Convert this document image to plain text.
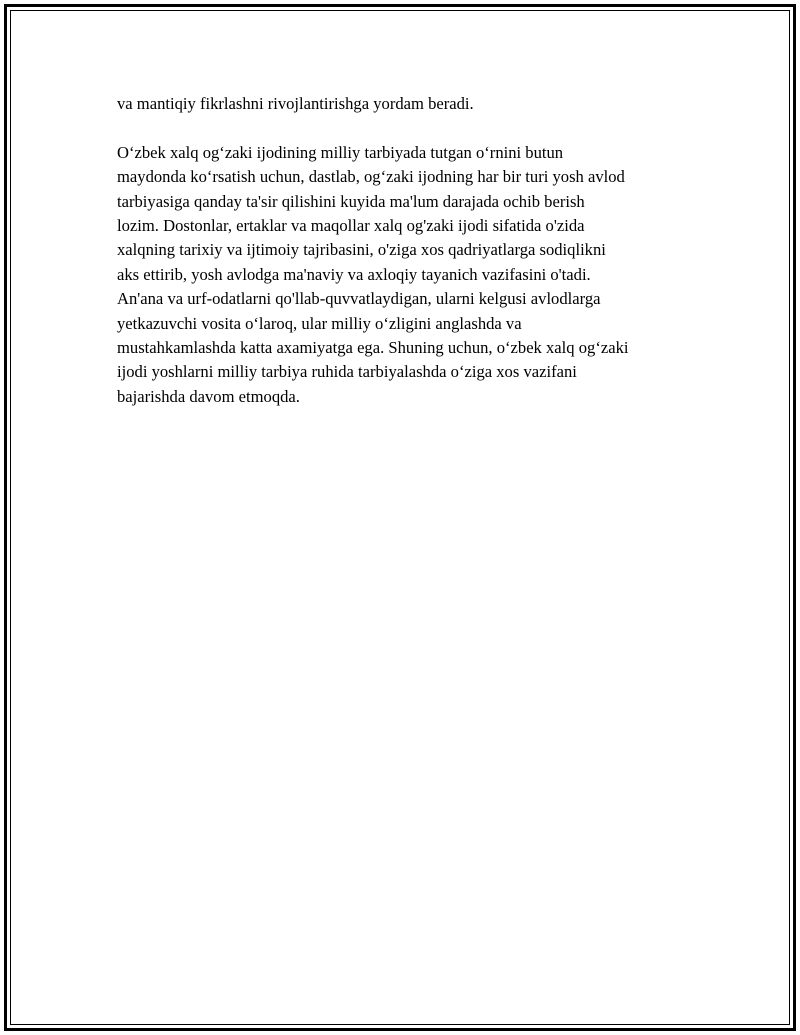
va mantiqiy fikrlashni rivojlantirishga yordam beradi.

O‘zbek xalq og‘zaki ijodining milliy tarbiyada tutgan o‘rnini butun
maydonda ko‘rsatish uchun, dastlab, og‘zaki ijodning har bir turi yosh avlod
tarbiyasiga qanday ta'sir qilishini kuyida ma'lum darajada ochib berish
lozim. Dostonlar, ertaklar va maqollar xalq og'zaki ijodi sifatida o'zida
xalqning tarixiy va ijtimoiy tajribasini, o'ziga xos qadriyatlarga sodiqlikni
aks ettirib, yosh avlodga ma'naviy va axloqiy tayanich vazifasini o'tadi.
An'ana va urf-odatlarni qo'llab-quvvatlaydigan, ularni kelgusi avlodlarga
yetkazuvchi vosita o‘laroq, ular milliy o‘zligini anglashda va
mustahkamlashda katta axamiyatga ega. Shuning uchun, o‘zbek xalq og‘zaki
ijodi yoshlarni milliy tarbiya ruhida tarbiyalashda o‘ziga xos vazifani
bajarishda davom etmoqda.
